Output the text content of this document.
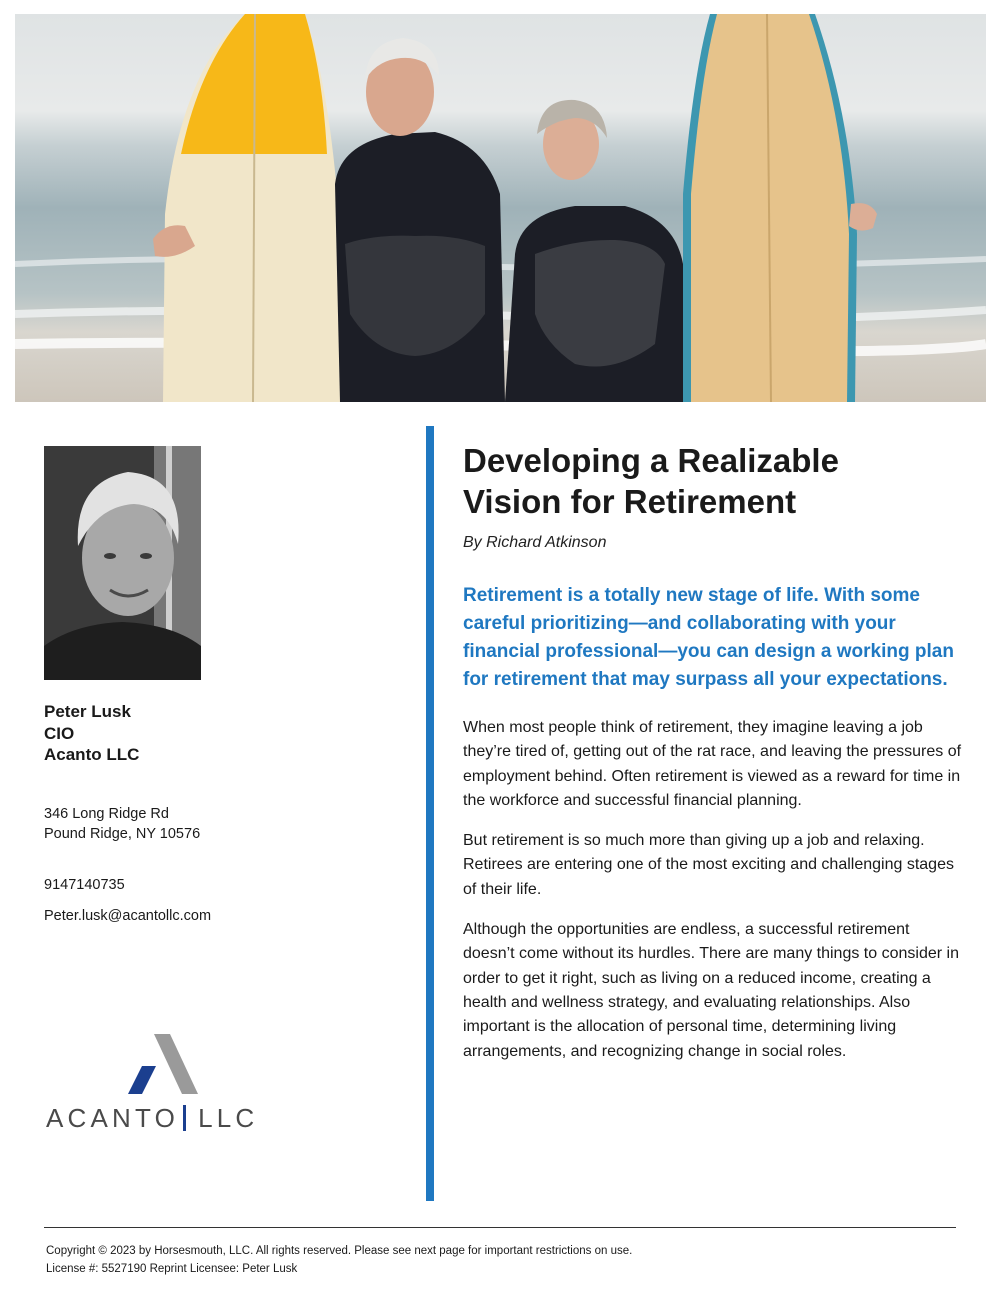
Peter Lusk
CIO
Acanto LLC
346 Long Ridge Rd
Pound Ridge, NY 10576
9147140735
Peter.lusk@acantollc.com
ACANTO LLC
Developing a Realizable
Vision for Retirement
By Richard Atkinson
Retirement is a totally new stage of life. With some careful prioritizing—and collaborating with your financial professional—you can design a working plan for retirement that may surpass all your expectations.
When most people think of retirement, they imagine leaving a job they’re tired of, getting out of the rat race, and leaving the pressures of employment behind. Often retirement is viewed as a reward for time in the workforce and successful financial planning.
But retirement is so much more than giving up a job and relaxing. Retirees are entering one of the most exciting and challenging stages of their life.
Although the opportunities are endless, a successful retirement doesn’t come without its hurdles. There are many things to consider in order to get it right, such as living on a reduced income, creating a health and wellness strategy, and evaluating relationships. Also important is the allocation of personal time, determining living arrangements, and recognizing change in social roles.
Copyright © 2023 by Horsesmouth, LLC. All rights reserved. Please see next page for important restrictions on use.
License #: 5527190 Reprint Licensee: Peter Lusk
